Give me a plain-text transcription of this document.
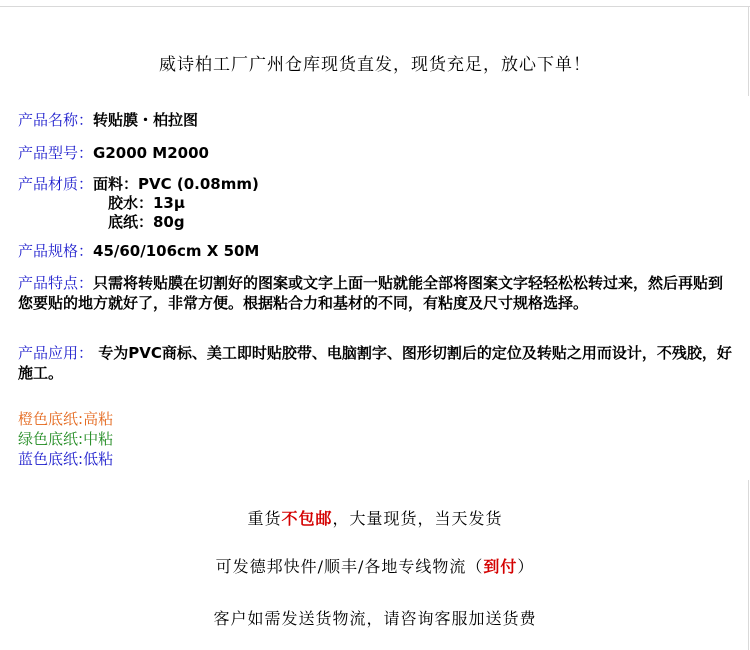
威诗柏工厂广州仓库现货直发，现货充足，放心下单！
产品名称：转贴膜・柏拉图
产品型号：G2000 M2000
产品材质：面料：PVC (0.08mm)
胶水：13μ
底纸：80g
产品规格：45/60/106cm X 50M
产品特点：只需将转贴膜在切割好的图案或文字上面一贴就能全部将图案文字轻轻松松转过来，然后再贴到您要贴的地方就好了，非常方便。根据粘合力和基材的不同，有粘度及尺寸规格选择。
产品应用： 专为PVC商标、美工即时贴胶带、电脑割字、图形切割后的定位及转贴之用而设计，不残胶，好施工。
橙色底纸:高粘
绿色底纸:中粘
蓝色底纸:低粘
重货不包邮，大量现货，当天发货
可发德邦快件/顺丰/各地专线物流（到付）
客户如需发送货物流，请咨询客服加送货费
